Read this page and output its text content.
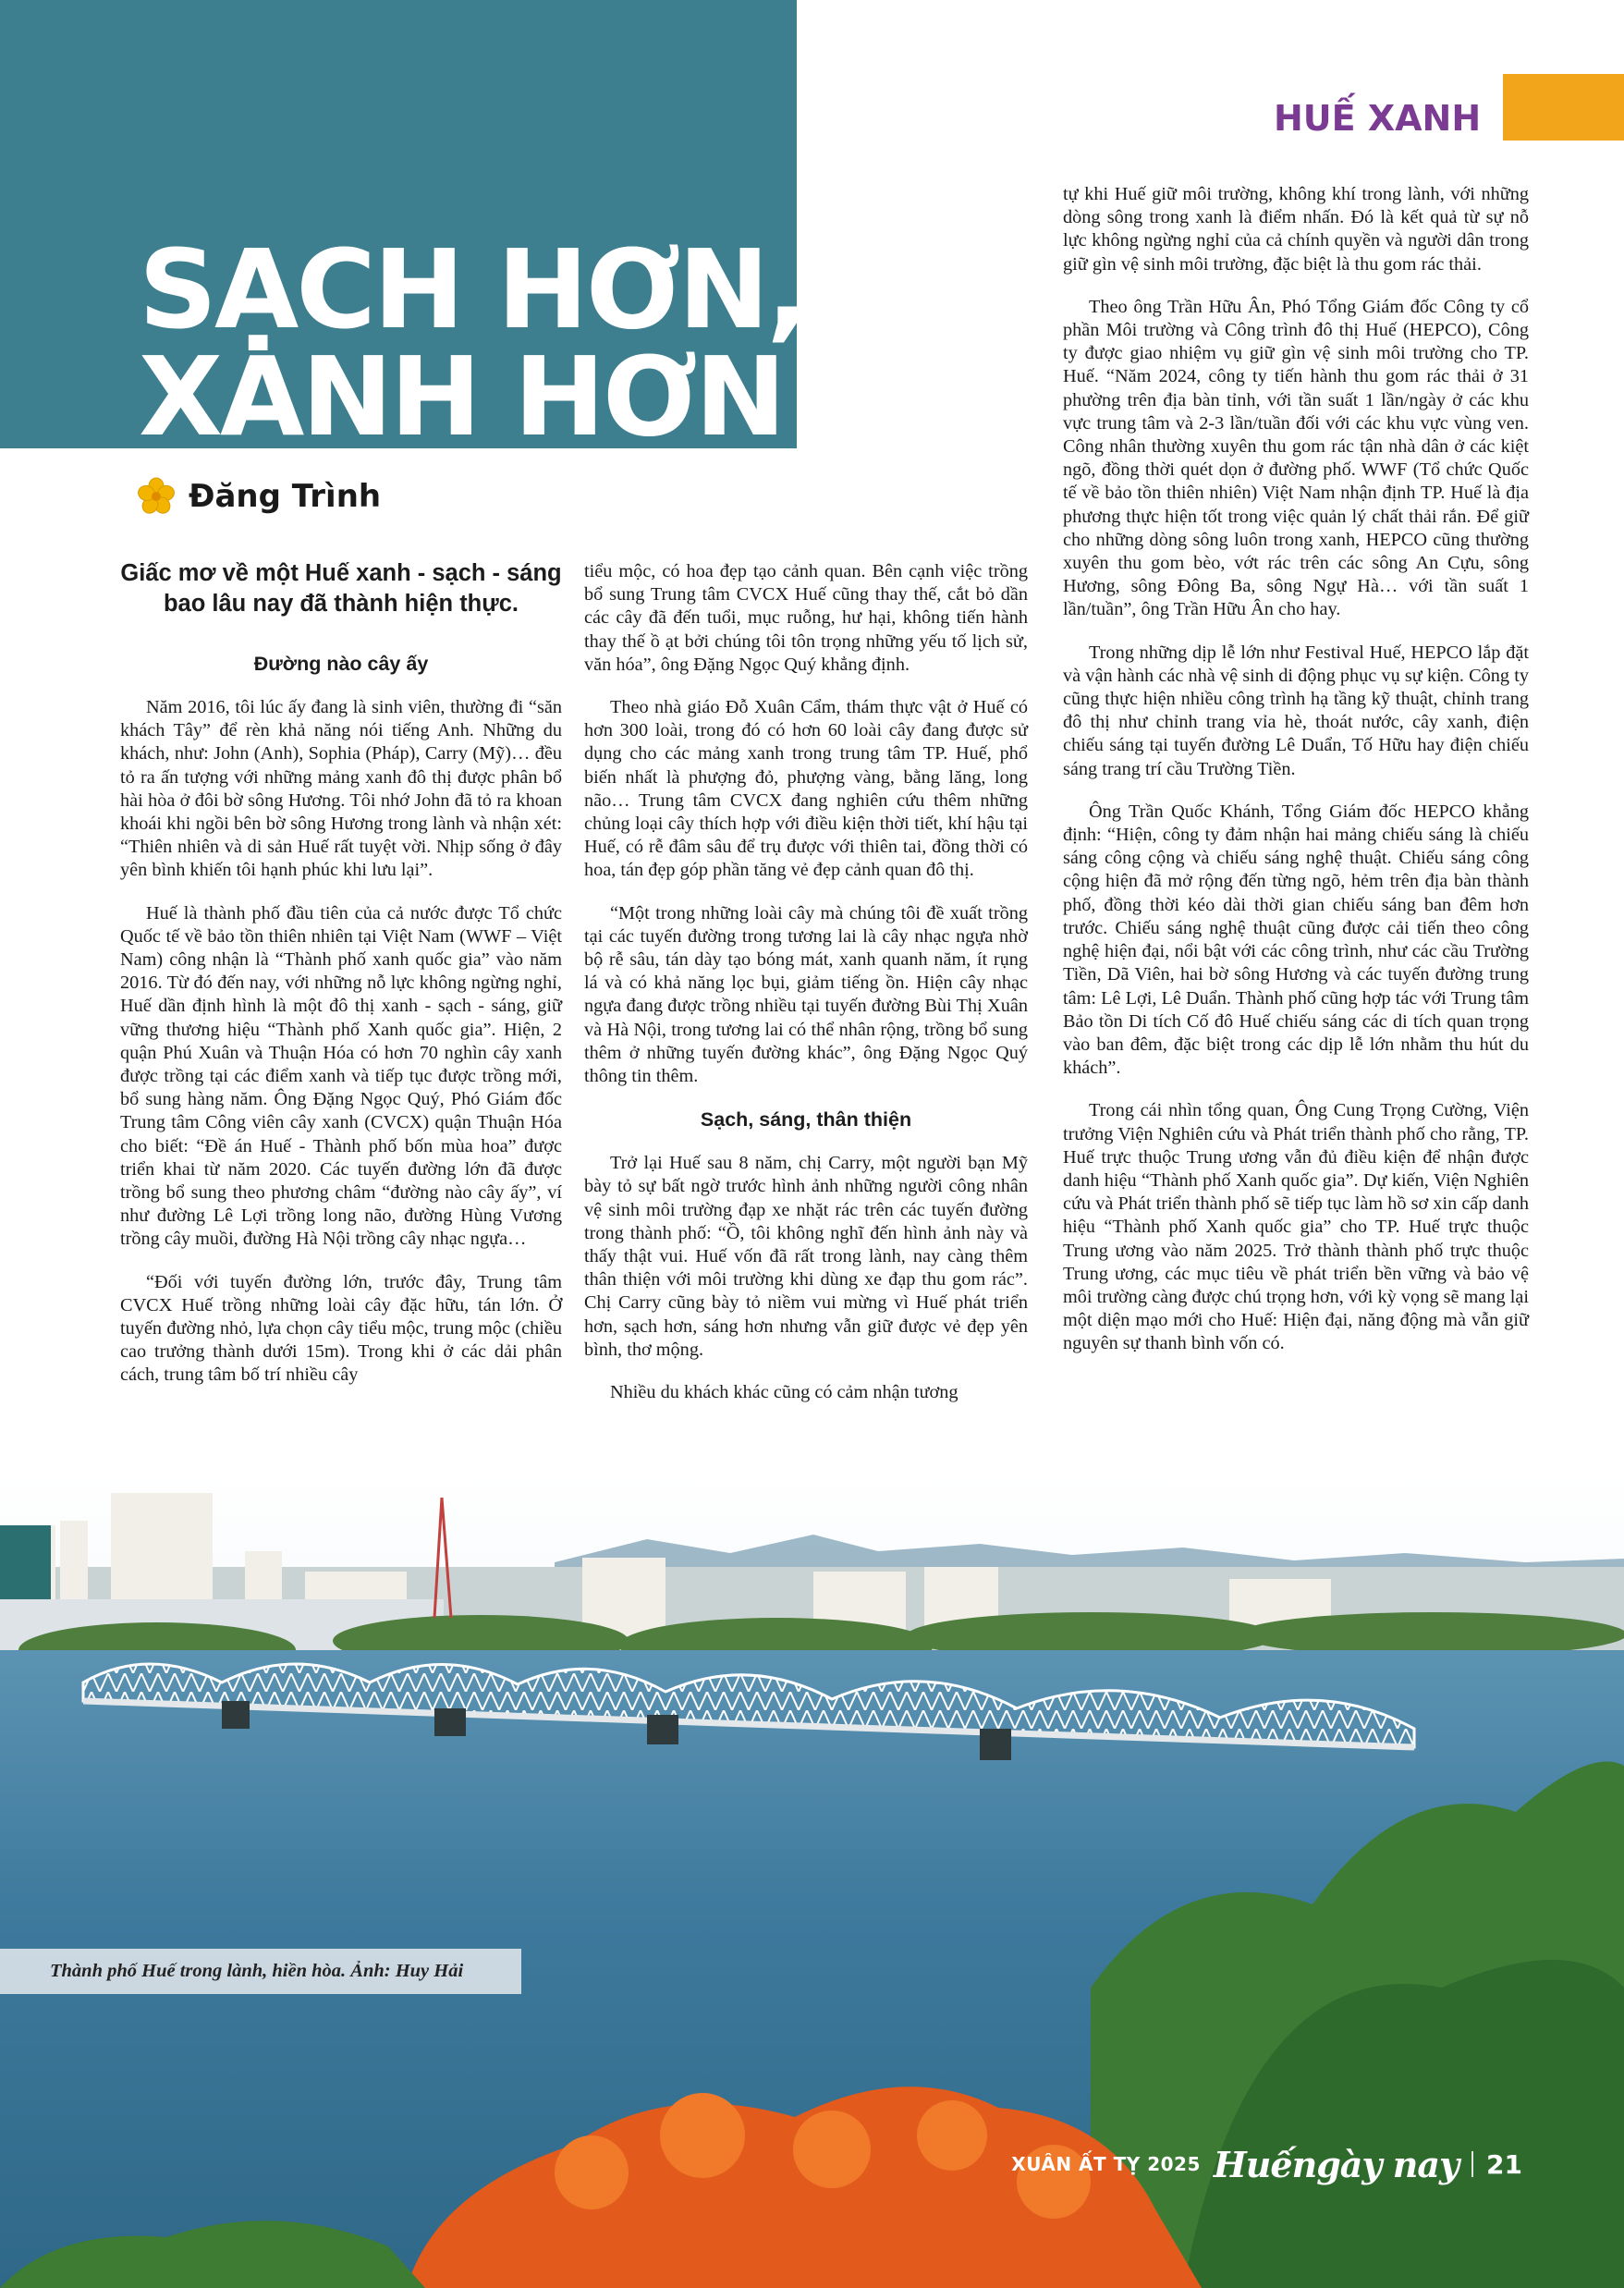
SẠCH HƠN,
XANH HƠN
HUẾ XANH
Đăng Trình
Giấc mơ về một Huế xanh - sạch - sáng bao lâu nay đã thành hiện thực.
Đường nào cây ấy

Năm 2016, tôi lúc ấy đang là sinh viên, thường đi “săn khách Tây” để rèn khả năng nói tiếng Anh. Những du khách, như: John (Anh), Sophia (Pháp), Carry (Mỹ)… đều tỏ ra ấn tượng với những mảng xanh đô thị được phân bổ hài hòa ở đôi bờ sông Hương. Tôi nhớ John đã tỏ ra khoan khoái khi ngồi bên bờ sông Hương trong lành và nhận xét: “Thiên nhiên và di sản Huế rất tuyệt vời. Nhịp sống ở đây yên bình khiến tôi hạnh phúc khi lưu lại”.

Huế là thành phố đầu tiên của cả nước được Tổ chức Quốc tế về bảo tồn thiên nhiên tại Việt Nam (WWF – Việt Nam) công nhận là “Thành phố xanh quốc gia” vào năm 2016. Từ đó đến nay, với những nỗ lực không ngừng nghỉ, Huế dần định hình là một đô thị xanh - sạch - sáng, giữ vững thương hiệu “Thành phố Xanh quốc gia”. Hiện, 2 quận Phú Xuân và Thuận Hóa có hơn 70 nghìn cây xanh được trồng tại các điểm xanh và tiếp tục được trồng mới, bổ sung hàng năm. Ông Đặng Ngọc Quý, Phó Giám đốc Trung tâm Công viên cây xanh (CVCX) quận Thuận Hóa cho biết: “Đề án Huế - Thành phố bốn mùa hoa” được triển khai từ năm 2020. Các tuyến đường lớn đã được trồng bổ sung theo phương châm “đường nào cây ấy”, ví như đường Lê Lợi trồng long não, đường Hùng Vương trồng cây muồi, đường Hà Nội trồng cây nhạc ngựa…

“Đối với tuyến đường lớn, trước đây, Trung tâm CVCX Huế trồng những loài cây đặc hữu, tán lớn. Ở tuyến đường nhỏ, lựa chọn cây tiểu mộc, trung mộc (chiều cao trưởng thành dưới 15m). Trong khi ở các dải phân cách, trung tâm bố trí nhiều cây

tiểu mộc, có hoa đẹp tạo cảnh quan. Bên cạnh việc trồng bổ sung Trung tâm CVCX Huế cũng thay thế, cắt bỏ dần các cây đã đến tuổi, mục ruỗng, hư hại, không tiến hành thay thế ồ ạt bởi chúng tôi tôn trọng những yếu tố lịch sử, văn hóa”, ông Đặng Ngọc Quý khẳng định.

Theo nhà giáo Đỗ Xuân Cẩm, thám thực vật ở Huế có hơn 300 loài, trong đó có hơn 60 loài cây đang được sử dụng cho các mảng xanh trong trung tâm TP. Huế, phổ biến nhất là phượng đỏ, phượng vàng, bằng lăng, long não… Trung tâm CVCX đang nghiên cứu thêm những chủng loại cây thích hợp với điều kiện thời tiết, khí hậu tại Huế, có rễ đâm sâu để trụ được với thiên tai, đồng thời có hoa, tán đẹp góp phần tăng vẻ đẹp cảnh quan đô thị.

“Một trong những loài cây mà chúng tôi đề xuất trồng tại các tuyến đường trong tương lai là cây nhạc ngựa nhờ bộ rễ sâu, tán dày tạo bóng mát, xanh quanh năm, ít rụng lá và có khả năng lọc bụi, giảm tiếng ồn. Hiện cây nhạc ngựa đang được trồng nhiều tại tuyến đường Bùi Thị Xuân và Hà Nội, trong tương lai có thể nhân rộng, trồng bổ sung thêm ở những tuyến đường khác”, ông Đặng Ngọc Quý thông tin thêm.

Sạch, sáng, thân thiện

Trở lại Huế sau 8 năm, chị Carry, một người bạn Mỹ bày tỏ sự bất ngờ trước hình ảnh những người công nhân vệ sinh môi trường đạp xe nhặt rác trên các tuyến đường trong thành phố: “Ồ, tôi không nghĩ đến hình ảnh này và thấy thật vui. Huế vốn đã rất trong lành, nay càng thêm thân thiện với môi trường khi dùng xe đạp thu gom rác”. Chị Carry cũng bày tỏ niềm vui mừng vì Huế phát triển hơn, sạch hơn, sáng hơn nhưng vẫn giữ được vẻ đẹp yên bình, thơ mộng.

Nhiều du khách khác cũng có cảm nhận tương

tự khi Huế giữ môi trường, không khí trong lành, với những dòng sông trong xanh là điểm nhấn. Đó là kết quả từ sự nỗ lực không ngừng nghỉ của cả chính quyền và người dân trong giữ gìn vệ sinh môi trường, đặc biệt là thu gom rác thải.

Theo ông Trần Hữu Ân, Phó Tổng Giám đốc Công ty cổ phần Môi trường và Công trình đô thị Huế (HEPCO), Công ty được giao nhiệm vụ giữ gìn vệ sinh môi trường cho TP. Huế. “Năm 2024, công ty tiến hành thu gom rác thải ở 31 phường trên địa bàn tỉnh, với tần suất 1 lần/ngày ở các khu vực trung tâm và 2-3 lần/tuần đối với các khu vực vùng ven. Công nhân thường xuyên thu gom rác tận nhà dân ở các kiệt ngõ, đồng thời quét dọn ở đường phố. WWF (Tổ chức Quốc tế về bảo tồn thiên nhiên) Việt Nam nhận định TP. Huế là địa phương thực hiện tốt trong việc quản lý chất thải rắn. Để giữ cho những dòng sông luôn trong xanh, HEPCO cũng thường xuyên thu gom bèo, vớt rác trên các sông An Cựu, sông Hương, sông Đông Ba, sông Ngự Hà… với tần suất 1 lần/tuần”, ông Trần Hữu Ân cho hay.

Trong những dịp lễ lớn như Festival Huế, HEPCO lắp đặt và vận hành các nhà vệ sinh di động phục vụ sự kiện. Công ty cũng thực hiện nhiều công trình hạ tầng kỹ thuật, chỉnh trang đô thị như chỉnh trang vỉa hè, thoát nước, cây xanh, điện chiếu sáng tại tuyến đường Lê Duẩn, Tố Hữu hay điện chiếu sáng trang trí cầu Trường Tiền.

Ông Trần Quốc Khánh, Tổng Giám đốc HEPCO khẳng định: “Hiện, công ty đảm nhận hai mảng chiếu sáng là chiếu sáng công cộng và chiếu sáng nghệ thuật. Chiếu sáng công cộng hiện đã mở rộng đến từng ngõ, hẻm trên địa bàn thành phố, đồng thời kéo dài thời gian chiếu sáng ban đêm hơn trước. Chiếu sáng nghệ thuật cũng được cải tiến theo công nghệ hiện đại, nổi bật với các công trình, như các cầu Trường Tiền, Dã Viên, hai bờ sông Hương và các tuyến đường trung tâm: Lê Lợi, Lê Duẩn. Thành phố cũng hợp tác với Trung tâm Bảo tồn Di tích Cố đô Huế chiếu sáng các di tích quan trọng vào ban đêm, đặc biệt trong các dịp lễ lớn nhằm thu hút du khách”.

Trong cái nhìn tổng quan, Ông Cung Trọng Cường, Viện trưởng Viện Nghiên cứu và Phát triển thành phố cho rằng, TP. Huế trực thuộc Trung ương vẫn đủ điều kiện để nhận được danh hiệu “Thành phố Xanh quốc gia”. Dự kiến, Viện Nghiên cứu và Phát triển thành phố sẽ tiếp tục làm hồ sơ xin cấp danh hiệu “Thành phố Xanh quốc gia” cho TP. Huế trực thuộc Trung ương vào năm 2025. Trở thành thành phố trực thuộc Trung ương, các mục tiêu về phát triển bền vững và bảo vệ môi trường càng được chú trọng hơn, với kỳ vọng sẽ mang lại một diện mạo mới cho Huế: Hiện đại, năng động mà vẫn giữ nguyên sự thanh bình vốn có.

Thành phố Huế trong lành, hiền hòa. Ảnh: Huy Hải
XUÂN ẤT TỴ 2025 Huếngày nay 21
